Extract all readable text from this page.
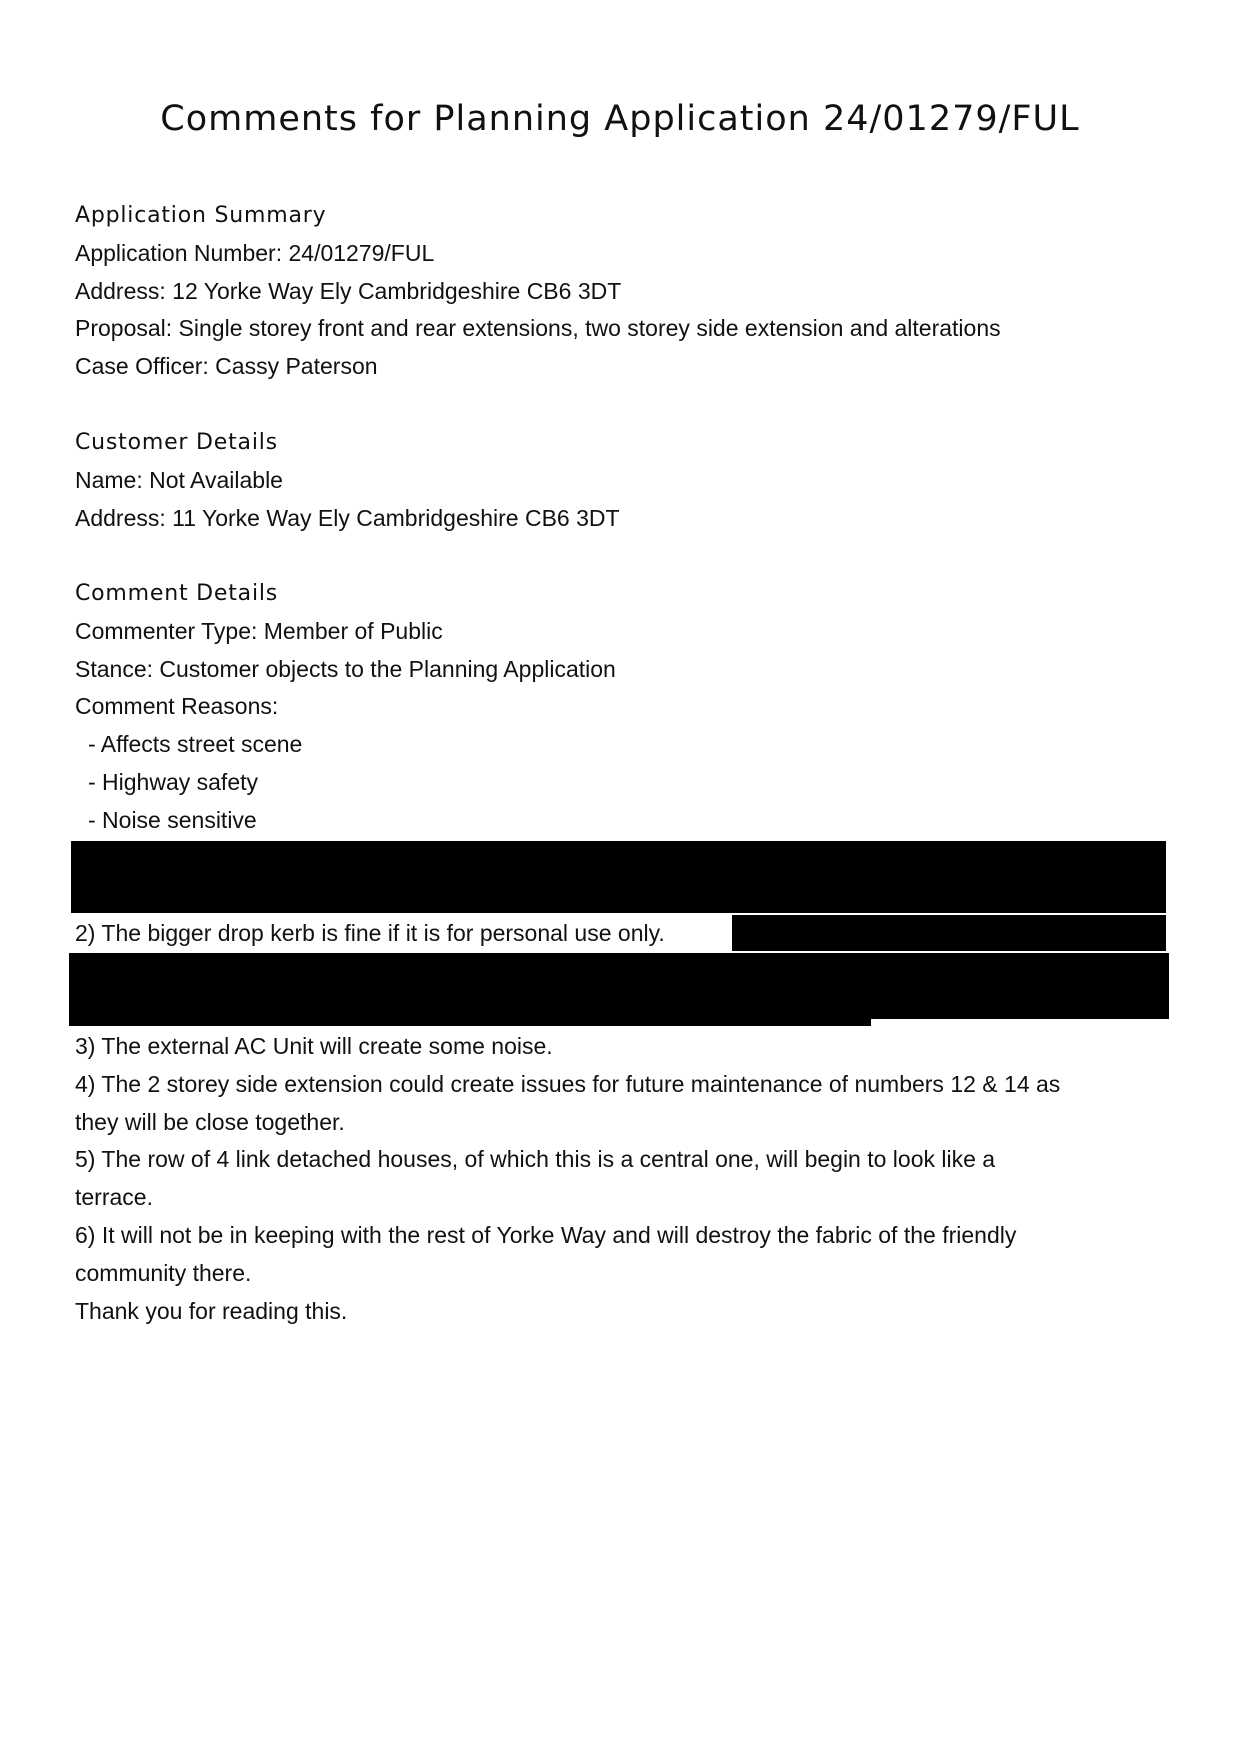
Comments for Planning Application 24/01279/FUL
Application Summary
Application Number: 24/01279/FUL
Address: 12 Yorke Way Ely Cambridgeshire CB6 3DT
Proposal: Single storey front and rear extensions, two storey side extension and alterations
Case Officer: Cassy Paterson
Customer Details
Name: Not Available
Address: 11 Yorke Way Ely Cambridgeshire CB6 3DT
Comment Details
Commenter Type: Member of Public
Stance: Customer objects to the Planning Application
Comment Reasons:
- Affects street scene
- Highway safety
- Noise sensitive
2) The bigger drop kerb is fine if it is for personal use only.
3) The external AC Unit will create some noise.
4) The 2 storey side extension could create issues for future maintenance of numbers 12 & 14 as
they will be close together.
5) The row of 4 link detached houses, of which this is a central one, will begin to look like a
terrace.
6) It will not be in keeping with the rest of Yorke Way and will destroy the fabric of the friendly
community there.
Thank you for reading this.
